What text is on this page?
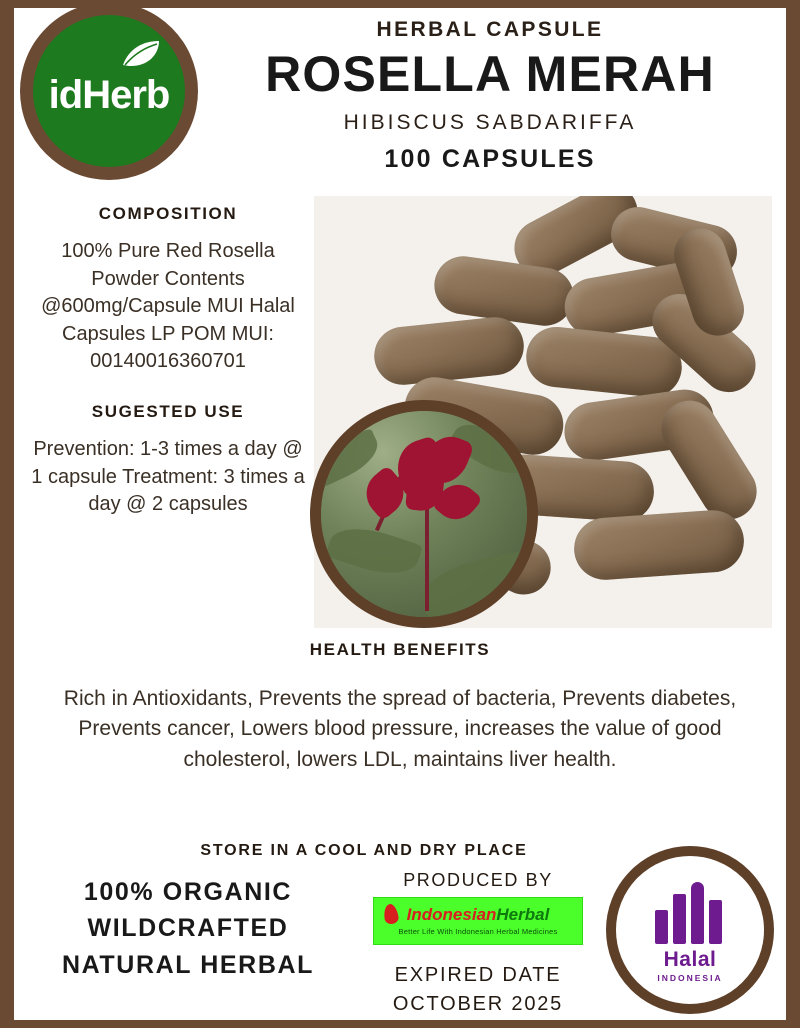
HERBAL CAPSULE
ROSELLA MERAH
HIBISCUS SABDARIFFA
100 CAPSULES
idHerb
COMPOSITION
100% Pure Red Rosella Powder Contents @600mg/Capsule MUI Halal Capsules LP POM MUI: 00140016360701
SUGESTED USE
Prevention: 1-3 times a day @ 1 capsule Treatment: 3 times a day @ 2 capsules
HEALTH BENEFITS
Rich in Antioxidants, Prevents the spread of bacteria, Prevents diabetes, Prevents cancer, Lowers blood pressure, increases the value of good cholesterol, lowers LDL, maintains liver health.
STORE IN A COOL AND DRY PLACE
100% ORGANIC WILDCRAFTED NATURAL HERBAL
PRODUCED BY
IndonesianHerbal
Better Life With Indonesian Herbal Medicines
EXPIRED DATE
OCTOBER 2025
Halal
INDONESIA
